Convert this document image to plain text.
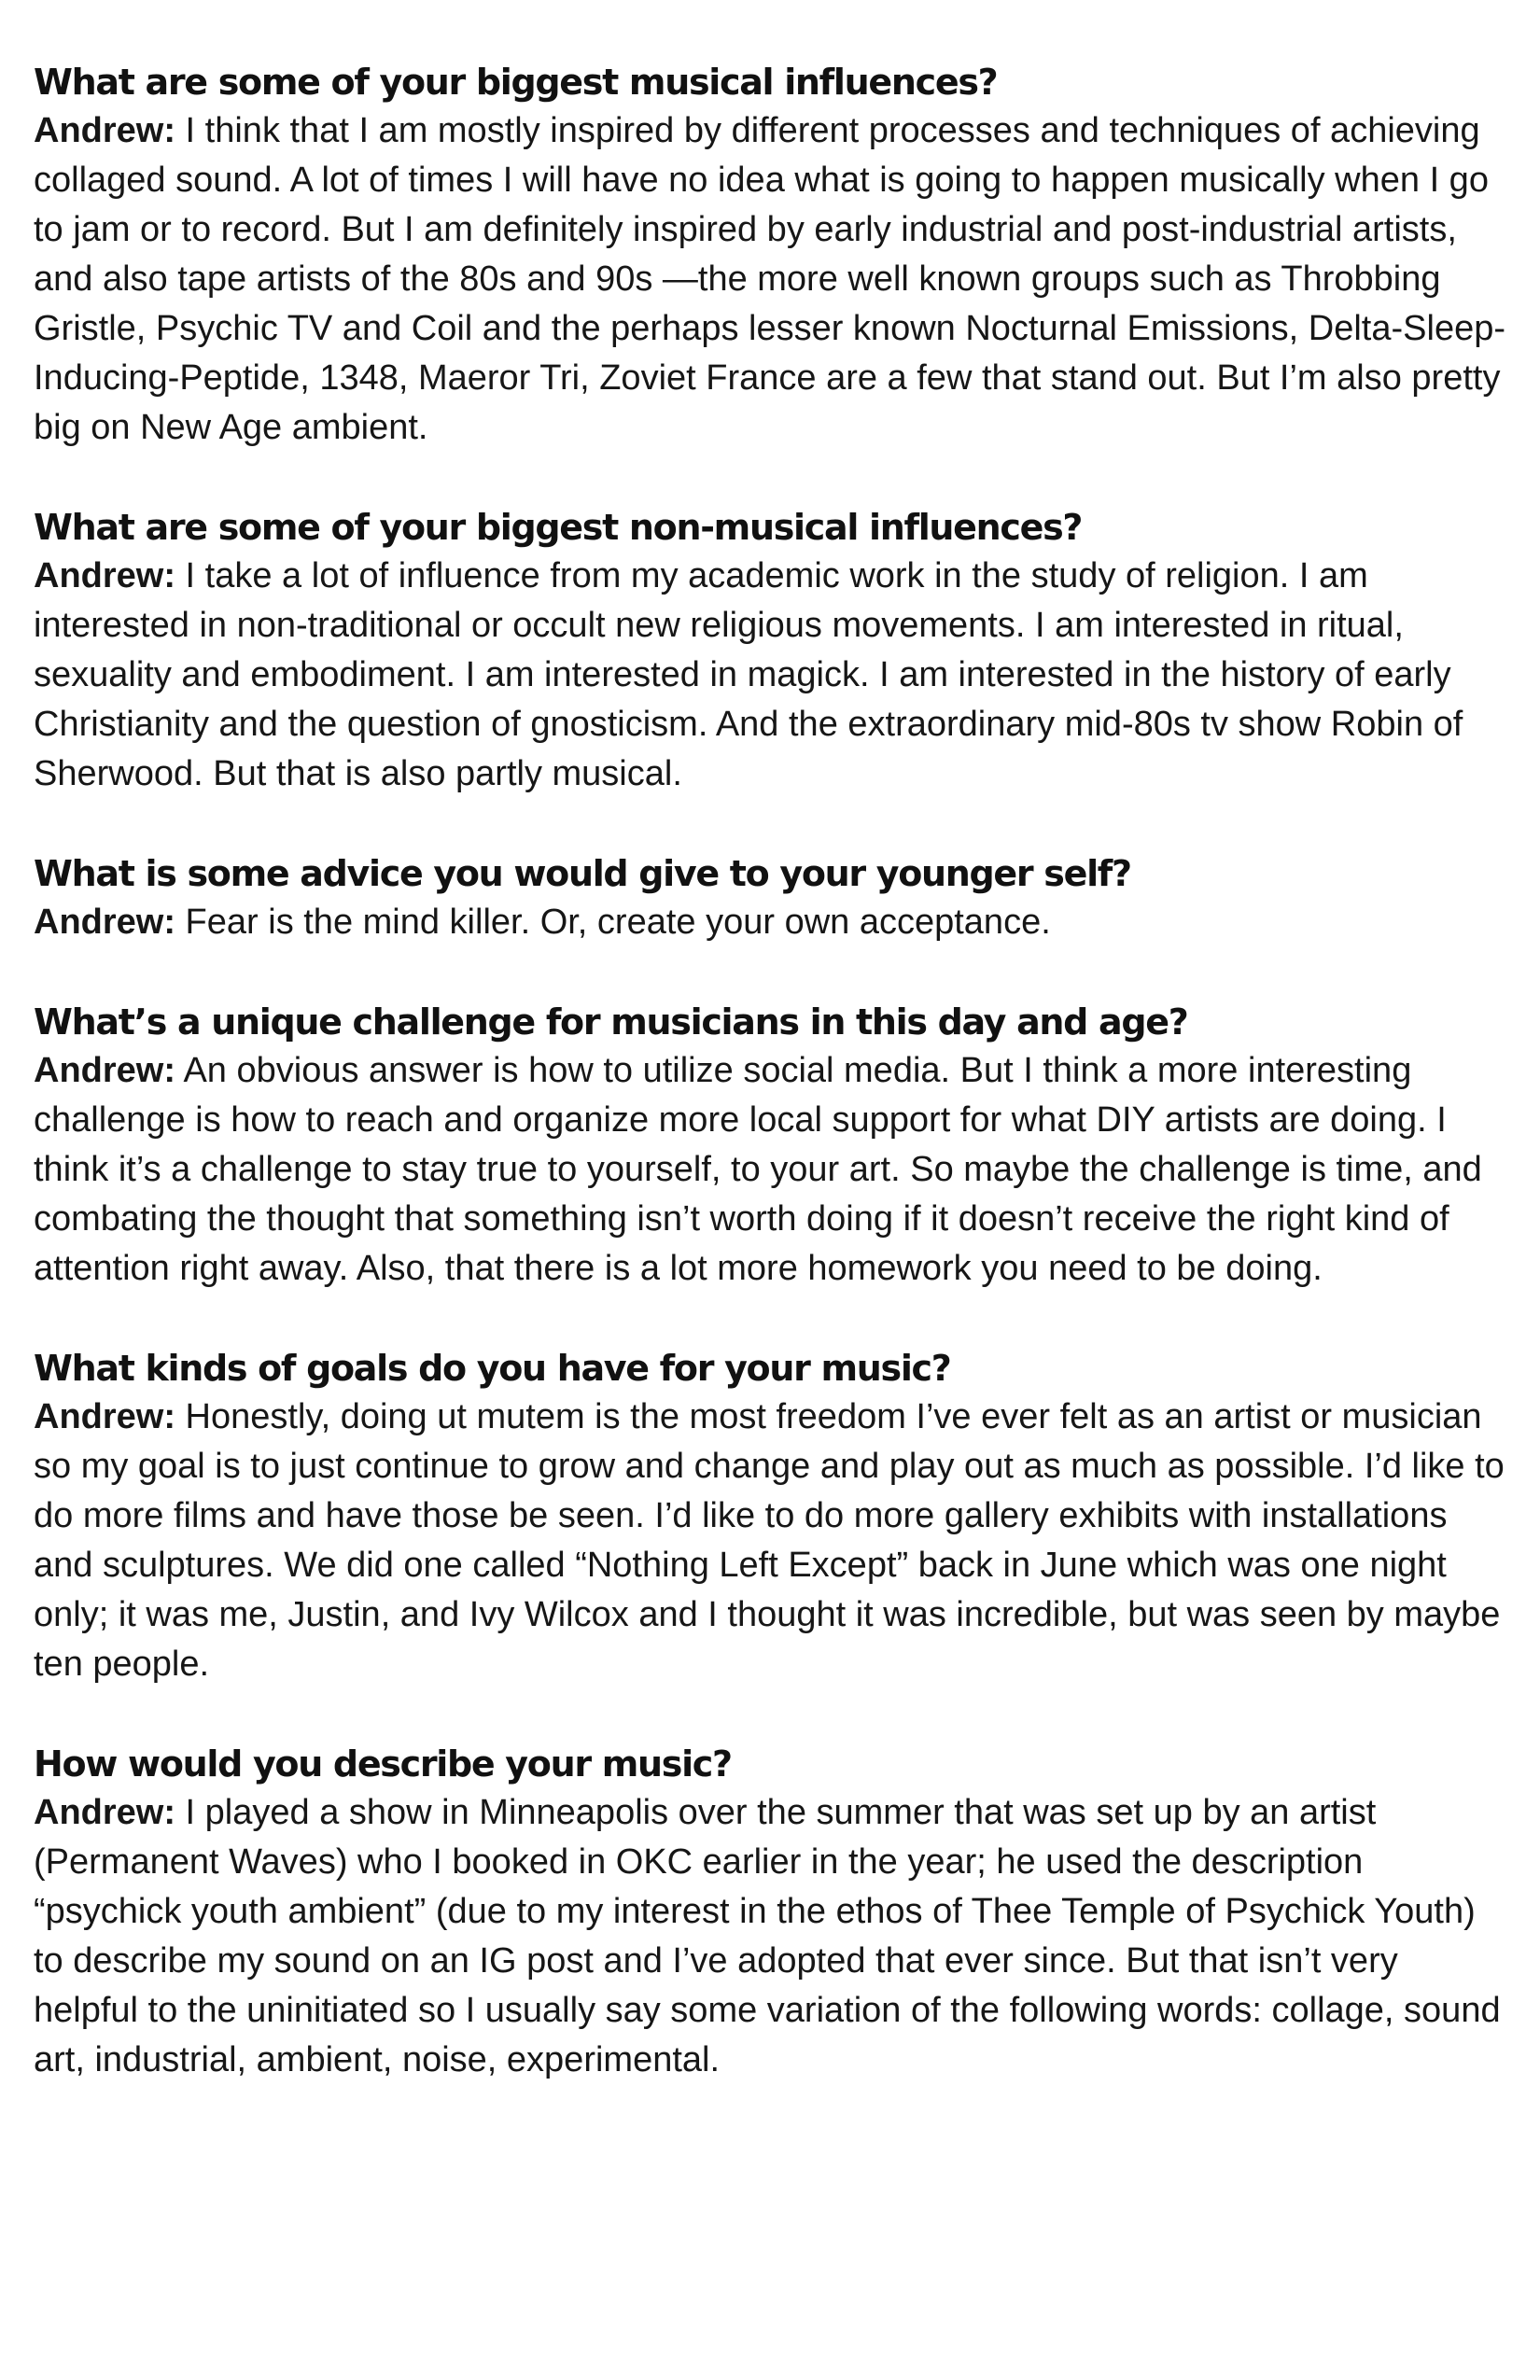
What are some of your biggest musical influences?

Andrew: I think that I am mostly inspired by different processes and techniques of achieving collaged sound. A lot of times I will have no idea what is going to happen musically when I go to jam or to record. But I am definitely inspired by early industrial and post-industrial artists, and also tape artists of the 80s and 90s —the more well known groups such as Throbbing Gristle, Psychic TV and Coil and the perhaps lesser known Nocturnal Emissions, Delta-Sleep-Inducing-Peptide, 1348, Maeror Tri, Zoviet France are a few that stand out. But I’m also pretty big on New Age ambient.

What are some of your biggest non-musical influences?

Andrew: I take a lot of influence from my academic work in the study of religion. I am interested in non-traditional or occult new religious movements. I am interested in ritual, sexuality and embodiment. I am interested in magick. I am interested in the history of early Christianity and the question of gnosticism. And the extraordinary mid-80s tv show Robin of Sherwood. But that is also partly musical.

What is some advice you would give to your younger self?

Andrew: Fear is the mind killer. Or, create your own acceptance.

What’s a unique challenge for musicians in this day and age?

Andrew: An obvious answer is how to utilize social media. But I think a more interesting challenge is how to reach and organize more local support for what DIY artists are doing. I think it’s a challenge to stay true to yourself, to your art. So maybe the challenge is time, and combating the thought that something isn’t worth doing if it doesn’t receive the right kind of attention right away. Also, that there is a lot more homework you need to be doing.

What kinds of goals do you have for your music?

Andrew: Honestly, doing ut mutem is the most freedom I’ve ever felt as an artist or musician so my goal is to just continue to grow and change and play out as much as possible. I’d like to do more films and have those be seen. I’d like to do more gallery exhibits with installations and sculptures. We did one called “Nothing Left Except” back in June which was one night only; it was me, Justin, and Ivy Wilcox and I thought it was incredible, but was seen by maybe ten people.

How would you describe your music?

Andrew: I played a show in Minneapolis over the summer that was set up by an artist (Permanent Waves) who I booked in OKC earlier in the year; he used the description “psychick youth ambient” (due to my interest in the ethos of Thee Temple of Psychick Youth) to describe my sound on an IG post and I’ve adopted that ever since. But that isn’t very helpful to the uninitiated so I usually say some variation of the following words: collage, sound art, industrial, ambient, noise, experimental.
